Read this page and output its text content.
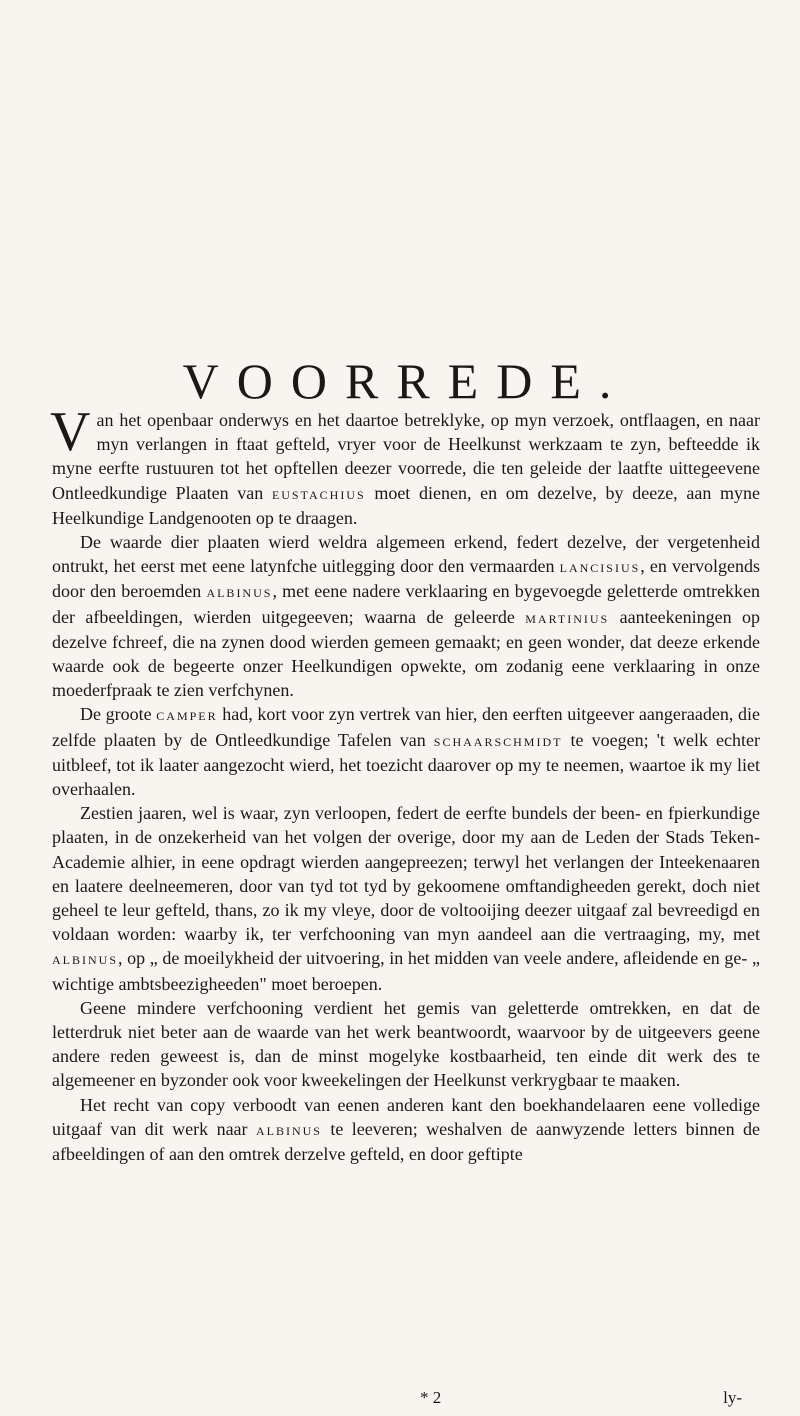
VOORREDE.

Van het openbaar onderwys en het daartoe betreklyke, op myn verzoek, ontflaagen, en naar myn verlangen in ftaat gefteld, vryer voor de Heelkunst werkzaam te zyn, befteedde ik myne eerfte rustuuren tot het opftellen deezer voorrede, die ten geleide der laatfte uittegeevene Ontleedkundige Plaaten van eustachius moet dienen, en om dezelve, by deeze, aan myne Heelkundige Landgenooten op te draagen.

De waarde dier plaaten wierd weldra algemeen erkend, federt dezelve, der vergetenheid ontrukt, het eerst met eene latynfche uitlegging door den vermaarden lancisius, en vervolgends door den beroemden albinus, met eene nadere verklaaring en bygevoegde geletterde omtrekken der afbeeldingen, wierden uitgegeeven; waarna de geleerde martinius aanteekeningen op dezelve fchreef, die na zynen dood wierden gemeen gemaakt; en geen wonder, dat deeze erkende waarde ook de begeerte onzer Heelkundigen opwekte, om zodanig eene verklaaring in onze moederfpraak te zien verfchynen.

De groote camper had, kort voor zyn vertrek van hier, den eerften uitgeever aangeraaden, die zelfde plaaten by de Ontleedkundige Tafelen van schaarschmidt te voegen; 't welk echter uitbleef, tot ik laater aangezocht wierd, het toezicht daarover op my te neemen, waartoe ik my liet overhaalen.

Zestien jaaren, wel is waar, zyn verloopen, federt de eerfte bundels der been- en fpierkundige plaaten, in de onzekerheid van het volgen der overige, door my aan de Leden der Stads Teken-Academie alhier, in eene opdragt wierden aangepreezen; terwyl het verlangen der Inteekenaaren en laatere deelneemeren, door van tyd tot tyd by gekoomene omftandigheeden gerekt, doch niet geheel te leur gefteld, thans, zo ik my vleye, door de voltooijing deezer uitgaaf zal bevreedigd en voldaan worden: waarby ik, ter verfchooning van myn aandeel aan die vertraaging, my, met albinus, op „ de moeilykheid der uitvoering, in het midden van veele andere, afleidende en ge- „ wichtige ambtsbeezigheeden" moet beroepen.

Geene mindere verfchooning verdient het gemis van geletterde omtrekken, en dat de letterdruk niet beter aan de waarde van het werk beantwoordt, waarvoor by de uitgeevers geene andere reden geweest is, dan de minst mogelyke kostbaarheid, ten einde dit werk des te algemeener en byzonder ook voor kweekelingen der Heelkunst verkrygbaar te maaken.

Het recht van copy verboodt van eenen anderen kant den boekhandelaaren eene volledige uitgaaf van dit werk naar albinus te leeveren; weshalven de aanwyzende letters binnen de afbeeldingen of aan den omtrek derzelve gefteld, en door geftipte

* 2	ly-
